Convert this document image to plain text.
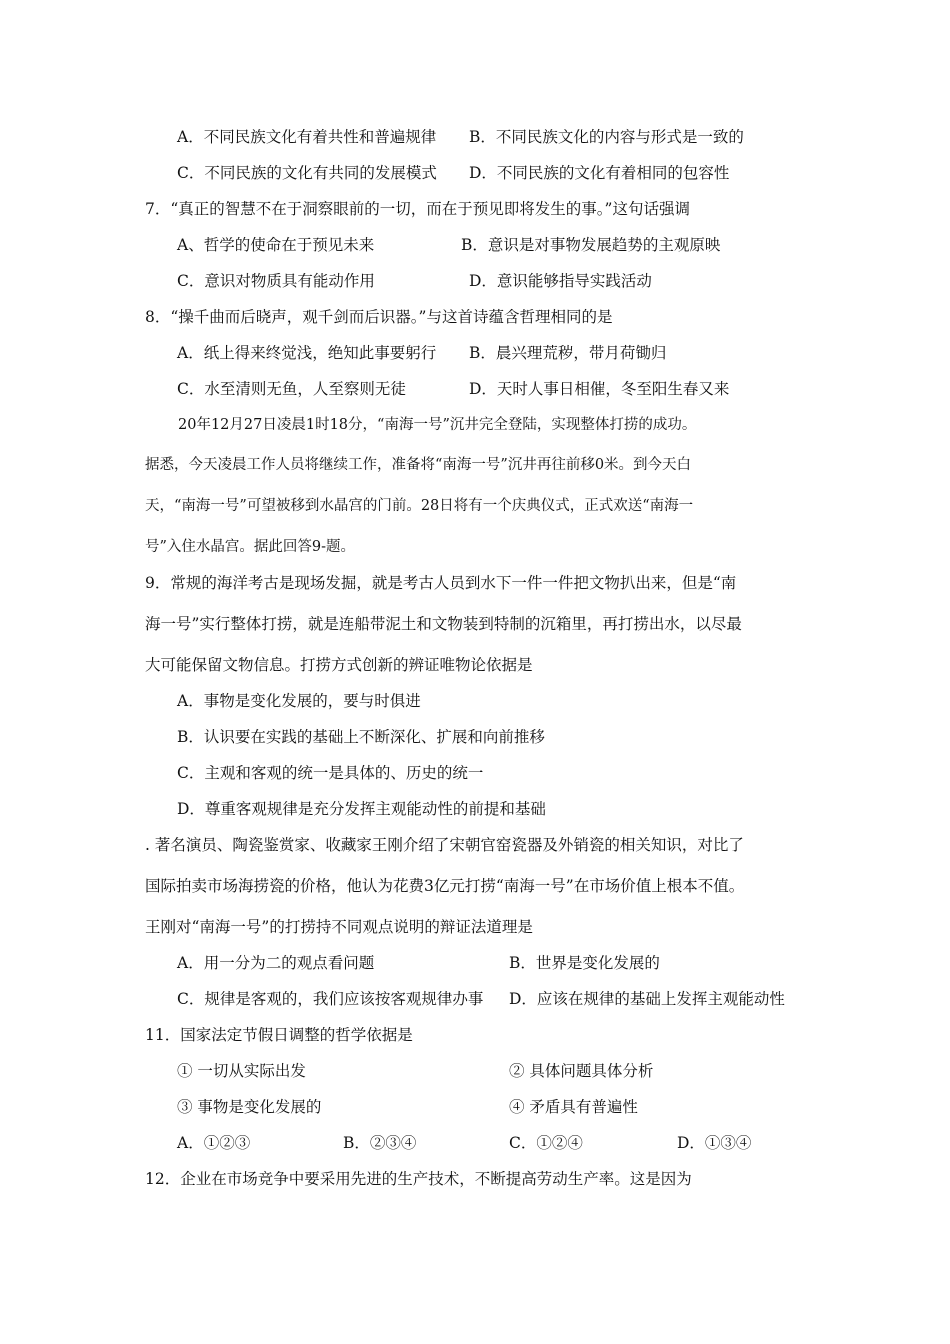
A．不同民族文化有着共性和普遍规律 B．不同民族文化的内容与形式是一致的
C．不同民族的文化有共同的发展模式 D．不同民族的文化有着相同的包容性
7．“真正的智慧不在于洞察眼前的一切，而在于预见即将发生的事。”这句话强调
A、哲学的使命在于预见未来	B．意识是对事物发展趋势的主观原映
C．意识对物质具有能动作用	D．意识能够指导实践活动
8．“操千曲而后晓声，观千剑而后识器。”与这首诗蕴含哲理相同的是
A．纸上得来终觉浅，绝知此事要躬行 B．晨兴理荒秽，带月荷锄归
C．水至清则无鱼，人至察则无徒	D．天时人事日相催，冬至阳生春又来
20年12月27日凌晨1时18分，“南海一号”沉井完全登陆，实现整体打捞的成功。
据悉，今天凌晨工作人员将继续工作，准备将“南海一号”沉井再往前移0米。到今天白
天，“南海一号”可望被移到水晶宫的门前。28日将有一个庆典仪式，正式欢送“南海一
号”入住水晶宫。据此回答9-题。
9．常规的海洋考古是现场发掘，就是考古人员到水下一件一件把文物扒出来，但是“南
海一号”实行整体打捞，就是连船带泥土和文物装到特制的沉箱里，再打捞出水，以尽最
大可能保留文物信息。打捞方式创新的辨证唯物论依据是
A．事物是变化发展的，要与时俱进
B．认识要在实践的基础上不断深化、扩展和向前推移
C．主观和客观的统一是具体的、历史的统一
D．尊重客观规律是充分发挥主观能动性的前提和基础
. 著名演员、陶瓷鉴赏家、收藏家王刚介绍了宋朝官窑瓷器及外销瓷的相关知识，对比了
国际拍卖市场海捞瓷的价格，他认为花费3亿元打捞“南海一号”在市场价值上根本不值。
王刚对“南海一号”的打捞持不同观点说明的辩证法道理是
A．用一分为二的观点看问题	B．世界是变化发展的
C．规律是客观的，我们应该按客观规律办事 D．应该在规律的基础上发挥主观能动性
11．国家法定节假日调整的哲学依据是
① 一切从实际出发	② 具体问题具体分析
③ 事物是变化发展的	④ 矛盾具有普遍性
A．①②③	B．②③④	C．①②④	D．①③④
12．企业在市场竞争中要采用先进的生产技术，不断提高劳动生产率。这是因为
